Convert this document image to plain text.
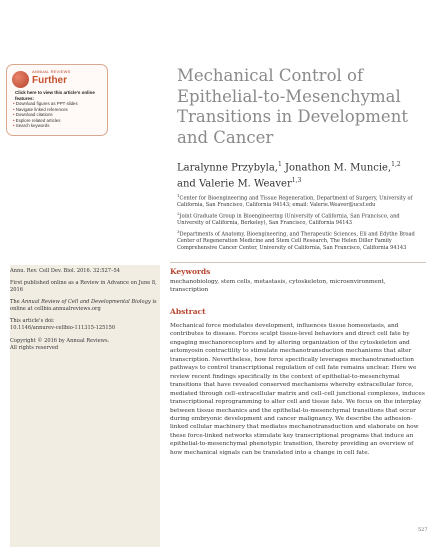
ANNUAL REVIEWS
Further
Click here to view this article's online features:
• Download figures as PPT slides
• Navigate linked references
• Download citations
• Explore related articles
• Search keywords
Mechanical Control of Epithelial-to-Mesenchymal Transitions in Development and Cancer
Laralynne Przybyla,$^1$ Jonathon M. Muncie,$^{1,2}$
and Valerie M. Weaver$^{1,3}$
$^1$Center for Bioengineering and Tissue Regeneration, Department of Surgery, University of California, San Francisco, California 94143; email: Valerie.Weaver@ucsf.edu
$^2$Joint Graduate Group in Bioengineering (University of California, San Francisco, and University of California, Berkeley), San Francisco, California 94143
$^3$Departments of Anatomy, Bioengineering, and Therapeutic Sciences, Eli and Edythe Broad Center of Regeneration Medicine and Stem Cell Research, The Helen Diller Family Comprehensive Cancer Center, University of California, San Francisco, California 94143
Annu. Rev. Cell Dev. Biol. 2016. 32:527–54
First published online as a Review in Advance on June 8, 2016
The Annual Review of Cell and Developmental Biology is online at cellbio.annualreviews.org
This article's doi:
10.1146/annurev-cellbio-111315-125150
Copyright © 2016 by Annual Reviews.
All rights reserved
Keywords
mechanobiology, stem cells, metastasis, cytoskeleton, microenvironment, transcription
Abstract
Mechanical force modulates development, influences tissue homeostasis, and contributes to disease. Forces sculpt tissue-level behaviors and direct cell fate by engaging mechanoreceptors and by altering organization of the cytoskeleton and actomyosin contractility to stimulate mechanotransduction mechanisms that alter transcription. Nevertheless, how force specifically leverages mechanotransduction pathways to control transcriptional regulation of cell fate remains unclear. Here we review recent findings specifically in the context of epithelial-to-mesenchymal transitions that have revealed conserved mechanisms whereby extracellular force, mediated through cell–extracellular matrix and cell–cell junctional complexes, induces transcriptional reprogramming to alter cell and tissue fate. We focus on the interplay between tissue mechanics and the epithelial-to-mesenchymal transitions that occur during embryonic development and cancer malignancy. We describe the adhesion-linked cellular machinery that mediates mechanotransduction and elaborate on how these force-linked networks stimulate key transcriptional programs that induce an epithelial-to-mesenchymal phenotypic transition, thereby providing an overview of how mechanical signals can be translated into a change in cell fate.
527
